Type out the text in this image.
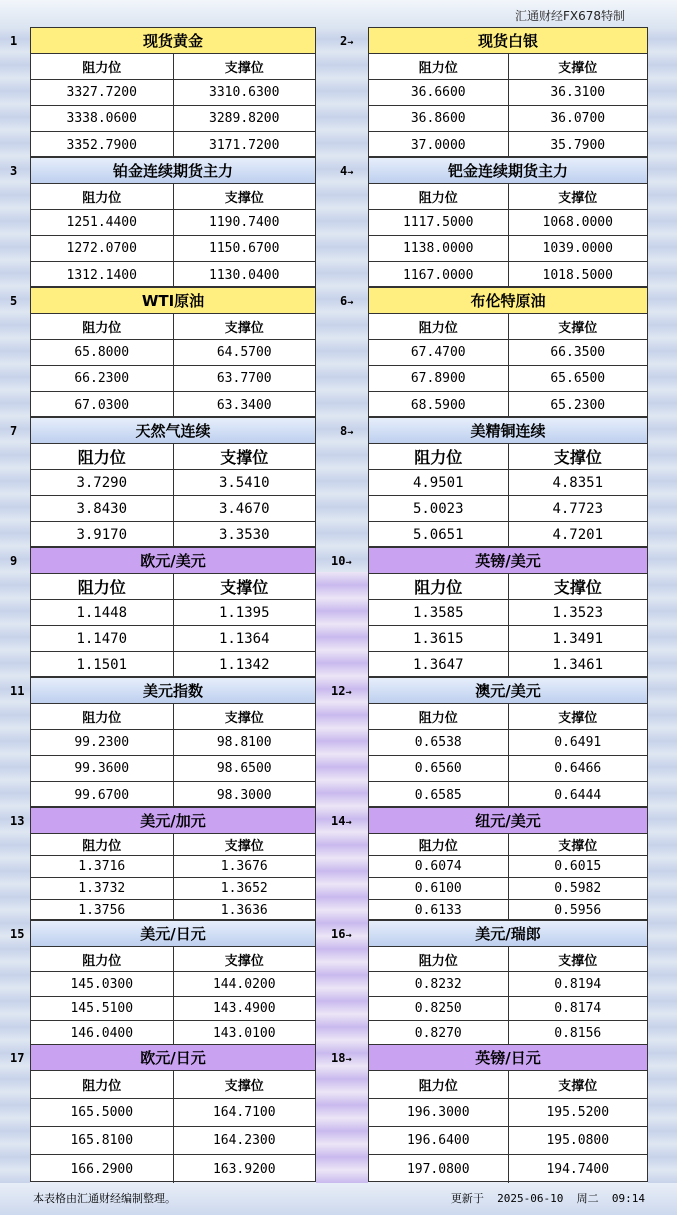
汇通财经FX678特制
1	现货黄金
阻力位	支撑位
3327.7200	3310.6300
3338.0600	3289.8200
3352.7900	3171.7200
2→	现货白银
阻力位	支撑位
36.6600	36.3100
36.8600	36.0700
37.0000	35.7900
3	铂金连续期货主力
阻力位	支撑位
1251.4400	1190.7400
1272.0700	1150.6700
1312.1400	1130.0400
4→	钯金连续期货主力
阻力位	支撑位
1117.5000	1068.0000
1138.0000	1039.0000
1167.0000	1018.5000
5	WTI原油
阻力位	支撑位
65.8000	64.5700
66.2300	63.7700
67.0300	63.3400
6→	布伦特原油
阻力位	支撑位
67.4700	66.3500
67.8900	65.6500
68.5900	65.2300
7	天然气连续
阻力位	支撑位
3.7290	3.5410
3.8430	3.4670
3.9170	3.3530
8→	美精铜连续
阻力位	支撑位
4.9501	4.8351
5.0023	4.7723
5.0651	4.7201
9	欧元/美元
阻力位	支撑位
1.1448	1.1395
1.1470	1.1364
1.1501	1.1342
10→	英镑/美元
阻力位	支撑位
1.3585	1.3523
1.3615	1.3491
1.3647	1.3461
11	美元指数
阻力位	支撑位
99.2300	98.8100
99.3600	98.6500
99.6700	98.3000
12→	澳元/美元
阻力位	支撑位
0.6538	0.6491
0.6560	0.6466
0.6585	0.6444
13	美元/加元
阻力位	支撑位
1.3716	1.3676
1.3732	1.3652
1.3756	1.3636
14→	纽元/美元
阻力位	支撑位
0.6074	0.6015
0.6100	0.5982
0.6133	0.5956
15	美元/日元
阻力位	支撑位
145.0300	144.0200
145.5100	143.4900
146.0400	143.0100
16→	美元/瑞郎
阻力位	支撑位
0.8232	0.8194
0.8250	0.8174
0.8270	0.8156
17	欧元/日元
阻力位	支撑位
165.5000	164.7100
165.8100	164.2300
166.2900	163.9200
18→	英镑/日元
阻力位	支撑位
196.3000	195.5200
196.6400	195.0800
197.0800	194.7400
本表格由汇通财经编制整理。	更新于 2025-06-10 周二 09:14
